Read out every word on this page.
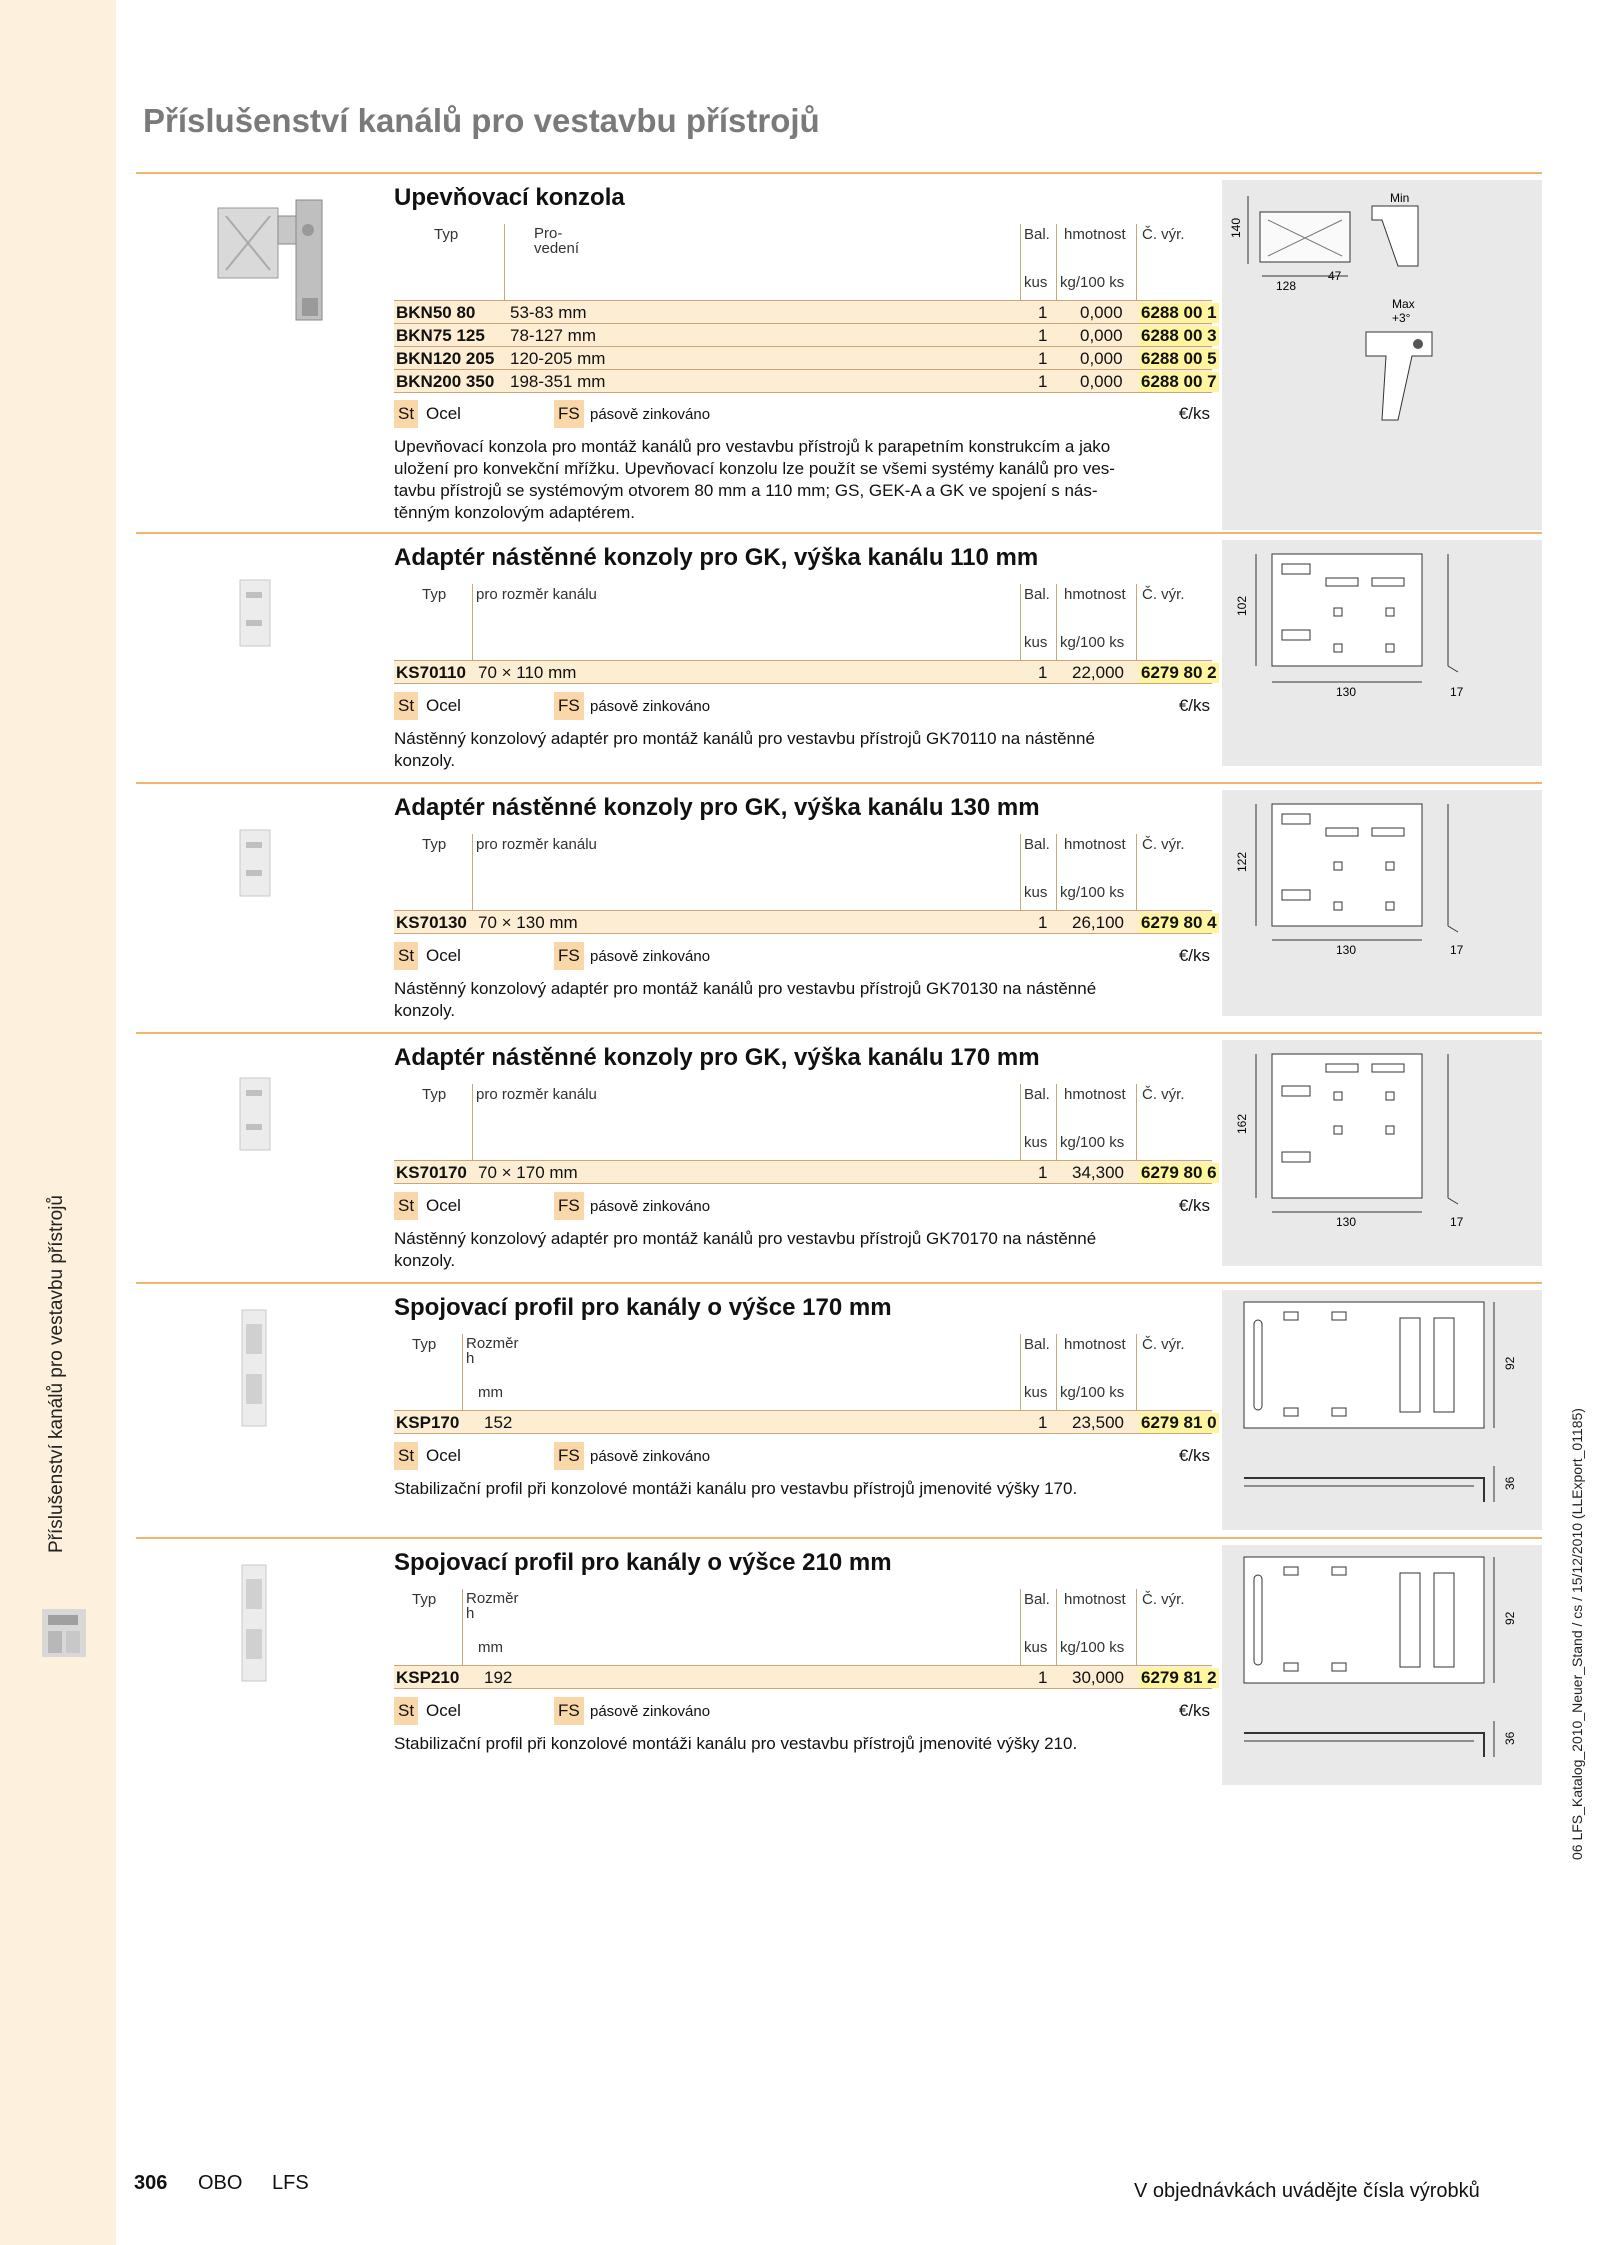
Příslušenství kanálů pro vestavbu přístrojů
06 LFS_Katalog_2010_Neuer_Stand / cs / 15/12/2010 (LLExport_01185)
Příslušenství kanálů pro vestavbu přístrojů
Upevňovací konzola
Typ	Pro-
vedení
Bal. hmotnost Č. výr.
kus kg/100 ks
BKN50 80 53-83 mm	1 0,000 6288 00 1
BKN75 125 78-127 mm	1 0,000 6288 00 3
BKN120 205 120-205 mm	1 0,000 6288 00 5
BKN200 350 198-351 mm	1 0,000 6288 00 7
St Ocel	FS pásově zinkováno	€/ks
Upevňovací konzola pro montáž kanálů pro vestavbu přístrojů k parapetním konstrukcím a jako
uložení pro konvekční mřížku. Upevňovací konzolu lze použít se všemi systémy kanálů pro ves-
tavbu přístrojů se systémovým otvorem 80 mm a 110 mm; GS, GEK-A a GK ve spojení s nás-
těnným konzolovým adaptérem.
140
128
47
Min
Max
+3°
Adaptér nástěnné konzoly pro GK, výška kanálu 110 mm
Typ pro rozměr kanálu	Bal. hmotnost Č. výr.
kus kg/100 ks
KS70110 70 × 110 mm	1 22,000 6279 80 2
St Ocel	FS pásově zinkováno	€/ks
Nástěnný konzolový adaptér pro montáž kanálů pro vestavbu přístrojů GK70110 na nástěnné
konzoly.
102
130	17
Adaptér nástěnné konzoly pro GK, výška kanálu 130 mm
Typ pro rozměr kanálu	Bal. hmotnost Č. výr.
kus kg/100 ks
KS70130 70 × 130 mm	1 26,100 6279 80 4
St Ocel	FS pásově zinkováno	€/ks
Nástěnný konzolový adaptér pro montáž kanálů pro vestavbu přístrojů GK70130 na nástěnné
konzoly.
122
130	17
Adaptér nástěnné konzoly pro GK, výška kanálu 170 mm
Typ pro rozměr kanálu	Bal. hmotnost Č. výr.
kus kg/100 ks
KS70170 70 × 170 mm	1 34,300 6279 80 6
St Ocel	FS pásově zinkováno	€/ks
Nástěnný konzolový adaptér pro montáž kanálů pro vestavbu přístrojů GK70170 na nástěnné
konzoly.
162
130	17
Spojovací profil pro kanály o výšce 170 mm
Typ Rozměr
h
mm
Bal. hmotnost Č. výr.
kus kg/100 ks
KSP170 152	1 23,500 6279 81 0
St Ocel	FS pásově zinkováno	€/ks
Stabilizační profil při konzolové montáži kanálu pro vestavbu přístrojů jmenovité výšky 170.
92
36
Spojovací profil pro kanály o výšce 210 mm
Typ Rozměr
h
mm
Bal. hmotnost Č. výr.
kus kg/100 ks
KSP210 192	1 30,000 6279 81 2
St Ocel	FS pásově zinkováno	€/ks
Stabilizační profil při konzolové montáži kanálu pro vestavbu přístrojů jmenovité výšky 210.
92
36
306 OBO LFS	V objednávkách uvádějte čísla výrobků
